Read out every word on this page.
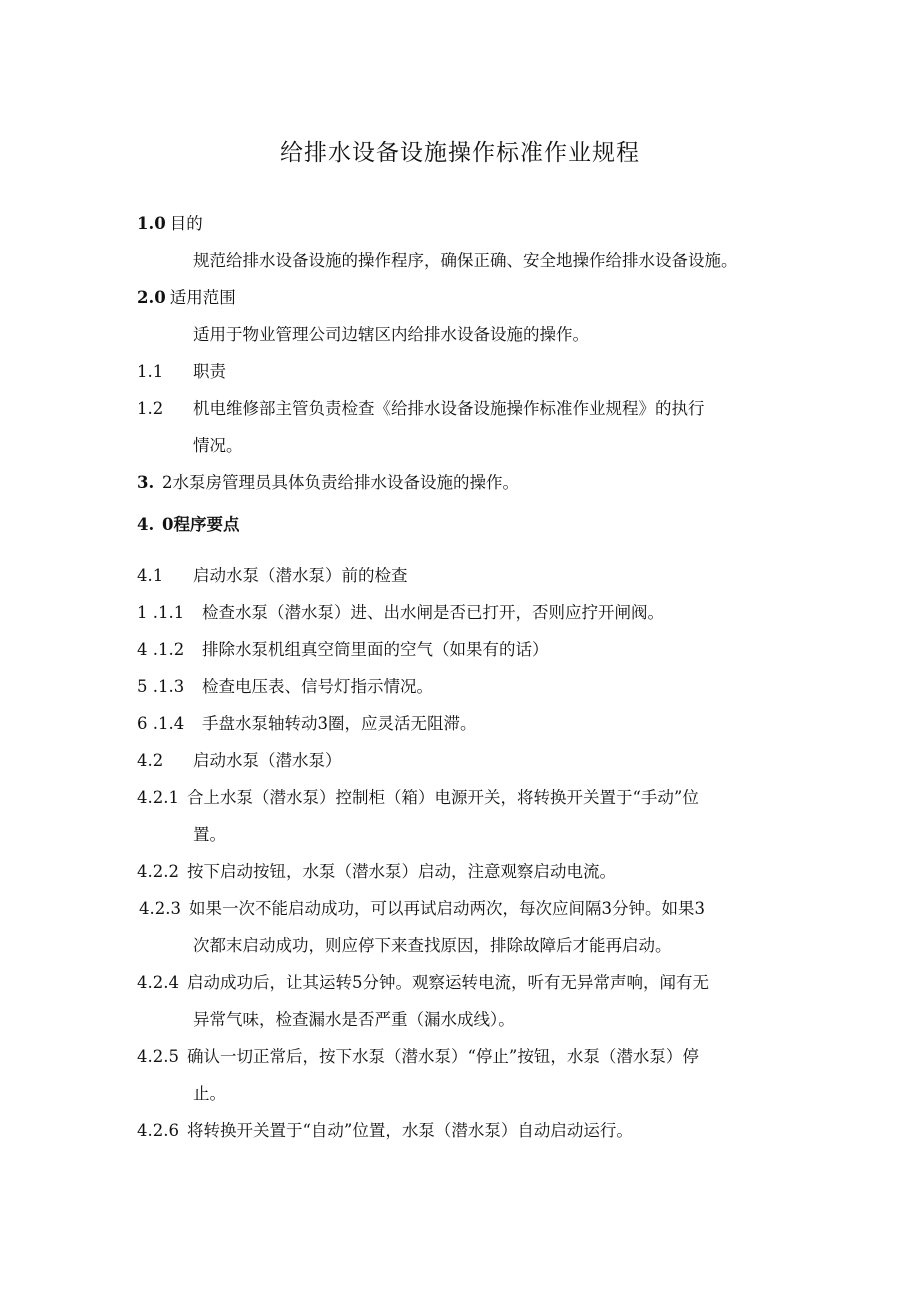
给排水设备设施操作标准作业规程
1.0 目的
规范给排水设备设施的操作程序，确保正确、安全地操作给排水设备设施。
2.0 适用范围
适用于物业管理公司边辖区内给排水设备设施的操作。
1.1 职责
1.2 机电维修部主管负责检查《给排水设备设施操作标准作业规程》的执行
情况。
3. 2水泵房管理员具体负责给排水设备设施的操作。
4. 0程序要点
4.1 启动水泵（潜水泵）前的检查
1 .1.1 检查水泵（潜水泵）进、出水闸是否已打开，否则应拧开闸阀。
4 .1.2 排除水泵机组真空筒里面的空气（如果有的话）
5 .1.3 检查电压表、信号灯指示情况。
6 .1.4 手盘水泵轴转动3圈，应灵活无阻滞。
4.2 启动水泵（潜水泵）
4.2.1 合上水泵（潜水泵）控制柜（箱）电源开关，将转换开关置于“手动”位
置。
4.2.2 按下启动按钮，水泵（潜水泵）启动，注意观察启动电流。
4.2.3 如果一次不能启动成功，可以再试启动两次，每次应间隔3分钟。如果3
次都末启动成功，则应停下来查找原因，排除故障后才能再启动。
4.2.4 启动成功后，让其运转5分钟。观察运转电流，听有无异常声响，闻有无
异常气味，检查漏水是否严重（漏水成线）。
4.2.5 确认一切正常后，按下水泵（潜水泵）“停止”按钮，水泵（潜水泵）停
止。
4.2.6 将转换开关置于“自动”位置，水泵（潜水泵）自动启动运行。
